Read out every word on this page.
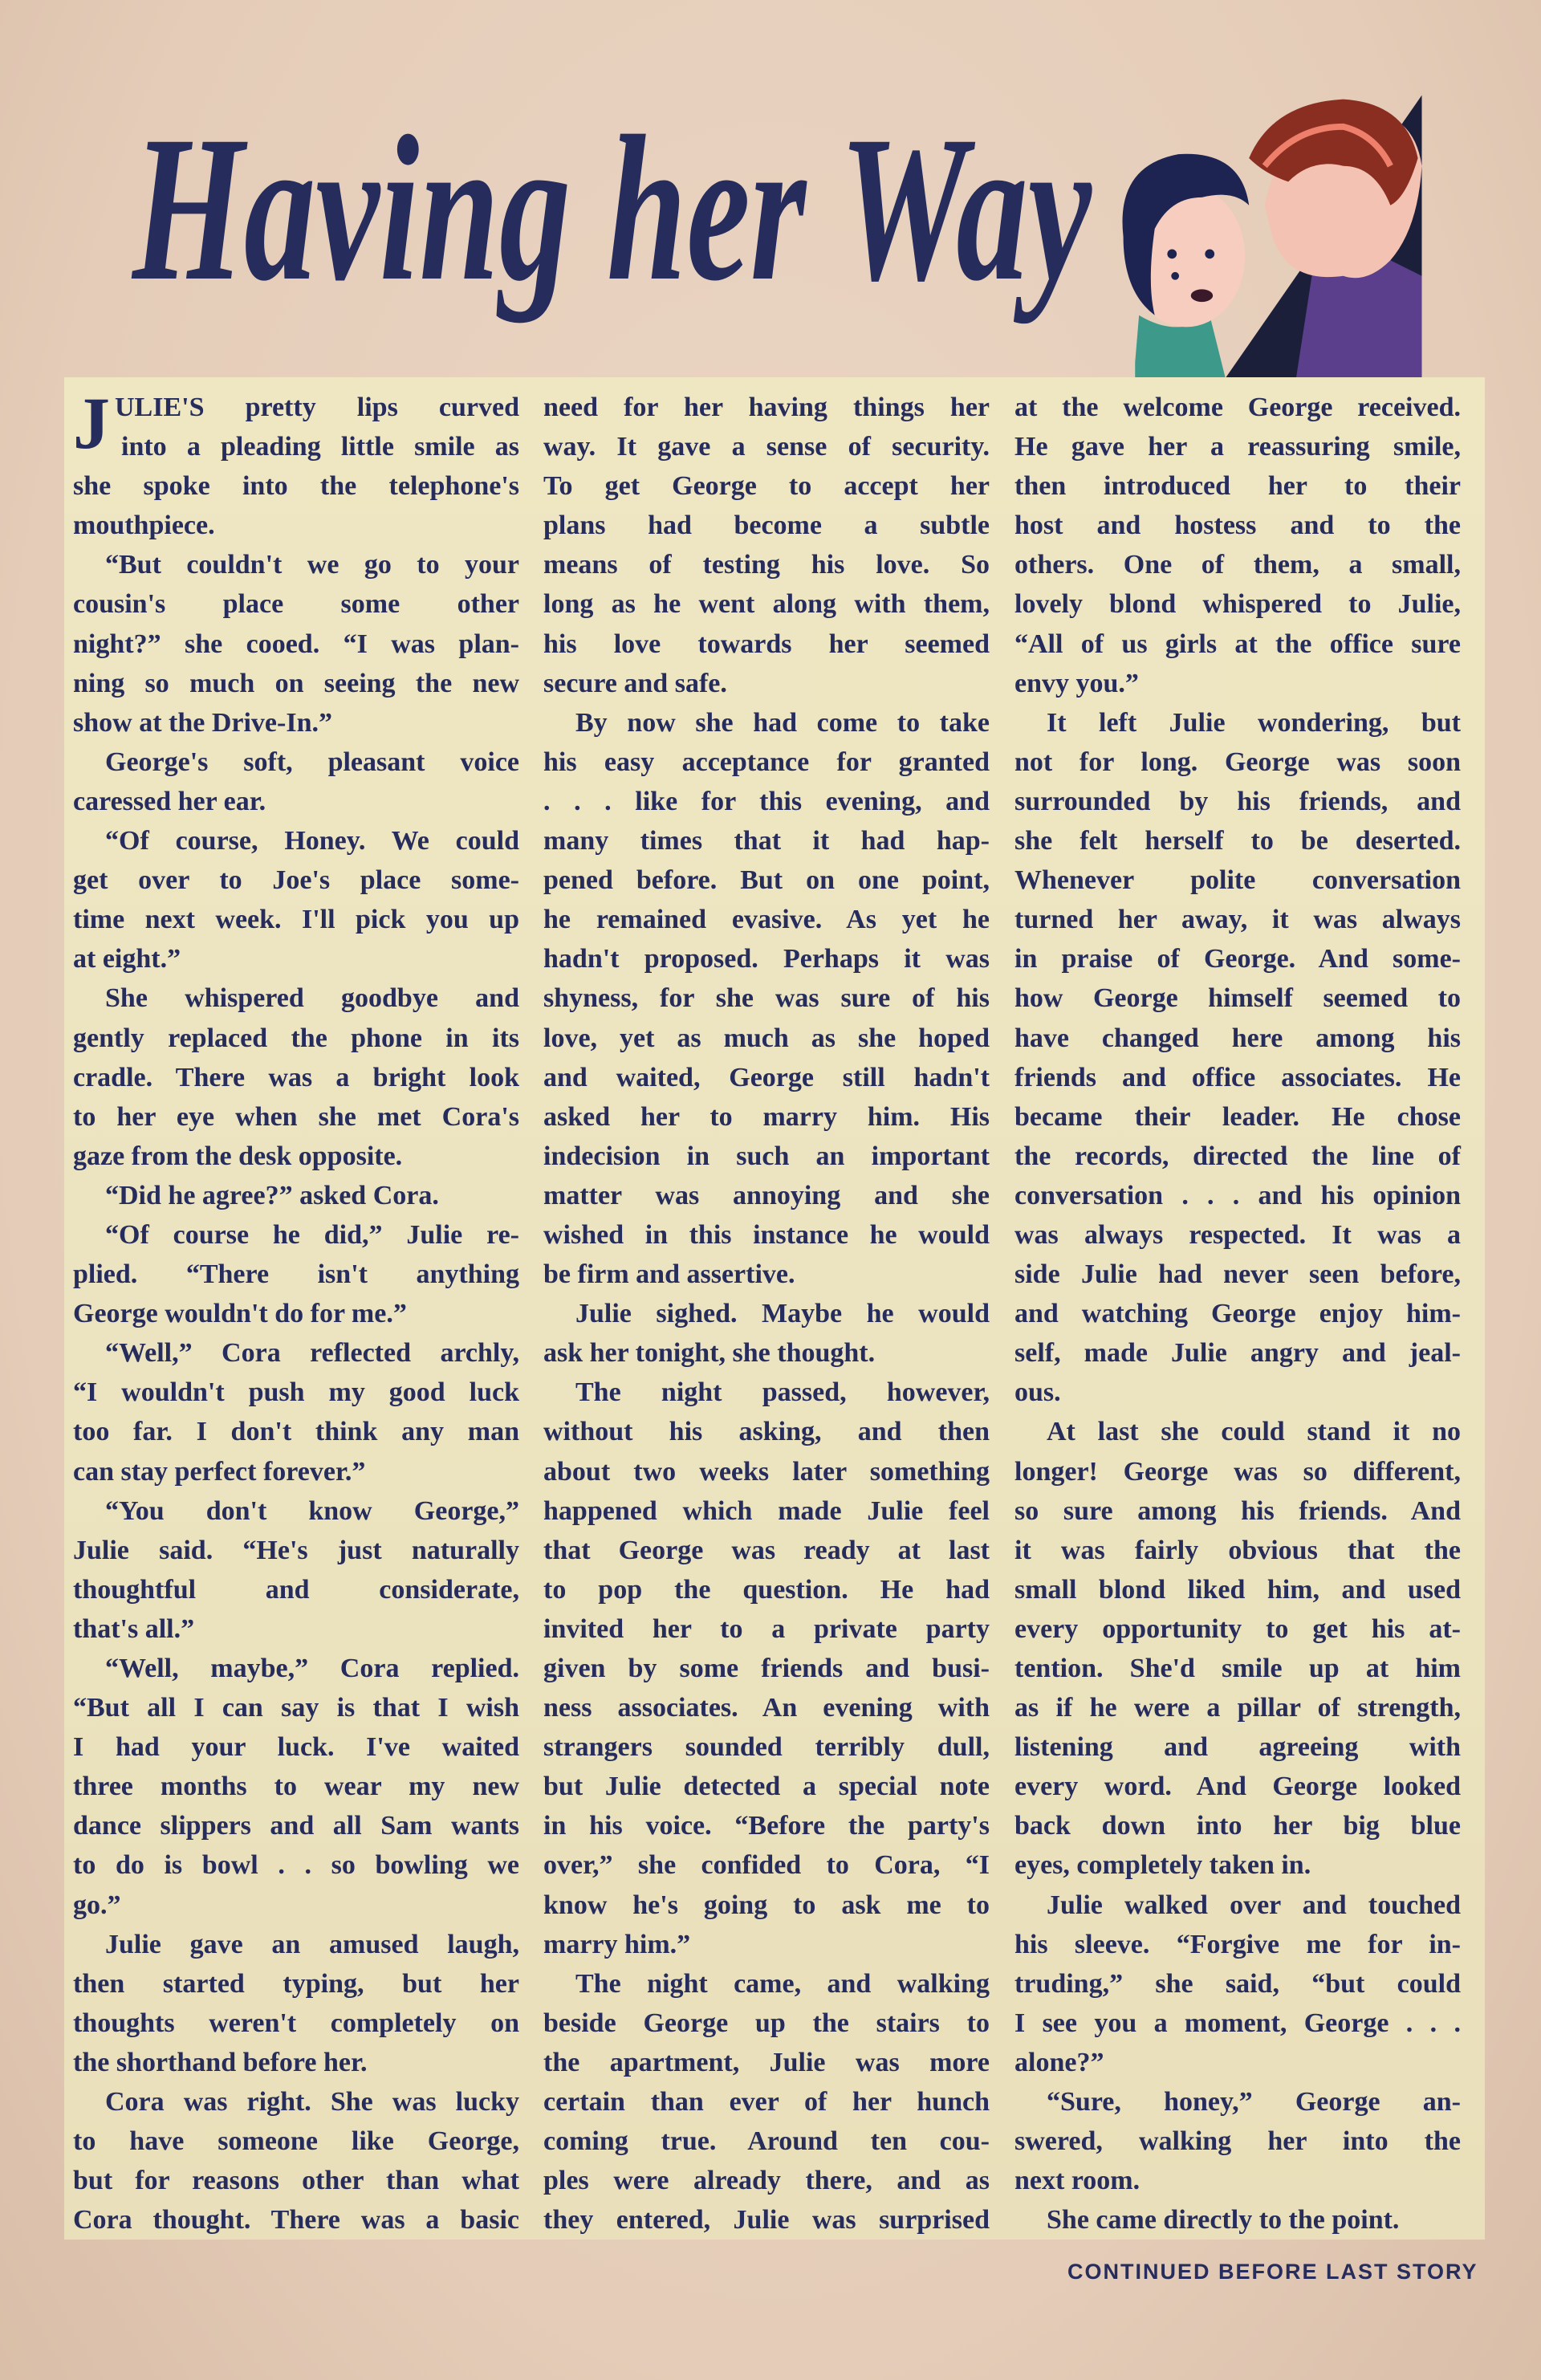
Having her Way
J ULIE'S pretty lips curved
into a pleading little smile as
she spoke into the telephone's
mouthpiece.
“But couldn't we go to your
cousin's place some other
night?” she cooed. “I was plan-
ning so much on seeing the new
show at the Drive-In.”
George's soft, pleasant voice
caressed her ear.
“Of course, Honey. We could
get over to Joe's place some-
time next week. I'll pick you up
at eight.”
She whispered goodbye and
gently replaced the phone in its
cradle. There was a bright look
to her eye when she met Cora's
gaze from the desk opposite.
“Did he agree?” asked Cora.
“Of course he did,” Julie re-
plied. “There isn't anything
George wouldn't do for me.”
“Well,” Cora reflected archly,
“I wouldn't push my good luck
too far. I don't think any man
can stay perfect forever.”
“You don't know George,”
Julie said. “He's just naturally
thoughtful and considerate,
that's all.”
“Well, maybe,” Cora replied.
“But all I can say is that I wish
I had your luck. I've waited
three months to wear my new
dance slippers and all Sam wants
to do is bowl . . so bowling we
go.”
Julie gave an amused laugh,
then started typing, but her
thoughts weren't completely on
the shorthand before her.
Cora was right. She was lucky
to have someone like George,
but for reasons other than what
Cora thought. There was a basic
need for her having things her
way. It gave a sense of security.
To get George to accept her
plans had become a subtle
means of testing his love. So
long as he went along with them,
his love towards her seemed
secure and safe.
By now she had come to take
his easy acceptance for granted
. . . like for this evening, and
many times that it had hap-
pened before. But on one point,
he remained evasive. As yet he
hadn't proposed. Perhaps it was
shyness, for she was sure of his
love, yet as much as she hoped
and waited, George still hadn't
asked her to marry him. His
indecision in such an important
matter was annoying and she
wished in this instance he would
be firm and assertive.
Julie sighed. Maybe he would
ask her tonight, she thought.
The night passed, however,
without his asking, and then
about two weeks later something
happened which made Julie feel
that George was ready at last
to pop the question. He had
invited her to a private party
given by some friends and busi-
ness associates. An evening with
strangers sounded terribly dull,
but Julie detected a special note
in his voice. “Before the party's
over,” she confided to Cora, “I
know he's going to ask me to
marry him.”
The night came, and walking
beside George up the stairs to
the apartment, Julie was more
certain than ever of her hunch
coming true. Around ten cou-
ples were already there, and as
they entered, Julie was surprised
at the welcome George received.
He gave her a reassuring smile,
then introduced her to their
host and hostess and to the
others. One of them, a small,
lovely blond whispered to Julie,
“All of us girls at the office sure
envy you.”
It left Julie wondering, but
not for long. George was soon
surrounded by his friends, and
she felt herself to be deserted.
Whenever polite conversation
turned her away, it was always
in praise of George. And some-
how George himself seemed to
have changed here among his
friends and office associates. He
became their leader. He chose
the records, directed the line of
conversation . . . and his opinion
was always respected. It was a
side Julie had never seen before,
and watching George enjoy him-
self, made Julie angry and jeal-
ous.
At last she could stand it no
longer! George was so different,
so sure among his friends. And
it was fairly obvious that the
small blond liked him, and used
every opportunity to get his at-
tention. She'd smile up at him
as if he were a pillar of strength,
listening and agreeing with
every word. And George looked
back down into her big blue
eyes, completely taken in.
Julie walked over and touched
his sleeve. “Forgive me for in-
truding,” she said, “but could
I see you a moment, George . . .
alone?”
“Sure, honey,” George an-
swered, walking her into the
next room.
She came directly to the point.
CONTINUED BEFORE LAST STORY
